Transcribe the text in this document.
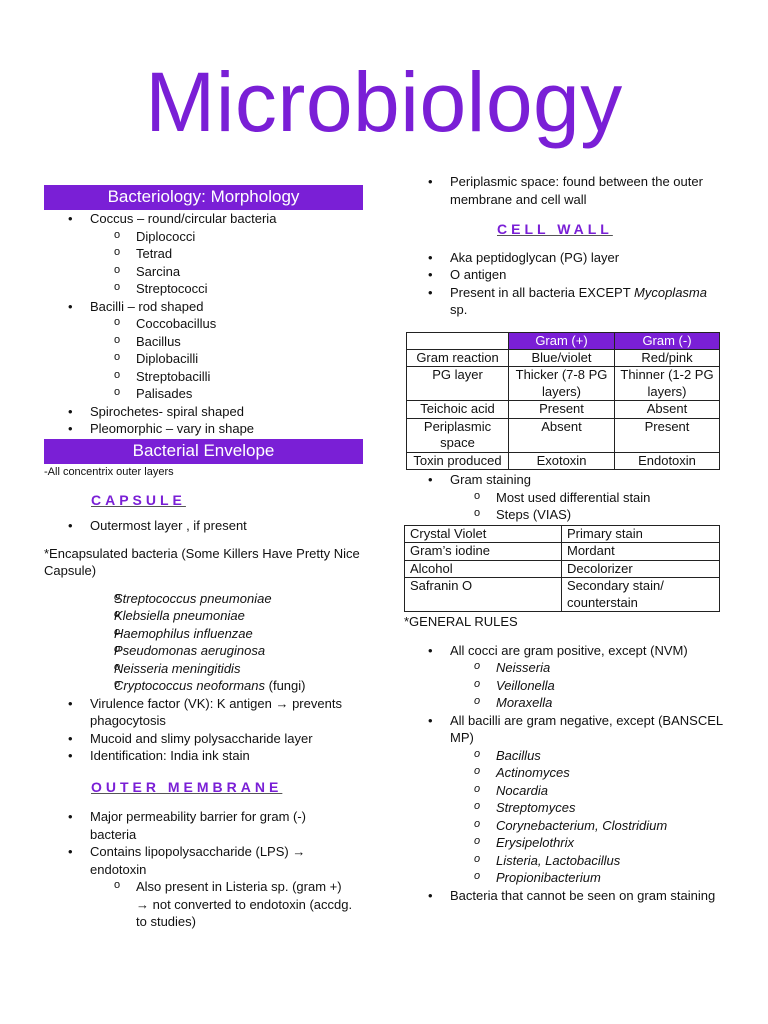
Microbiology
Bacteriology: Morphology
• Coccus – round/circular bacteria
o Diplococci
o Tetrad
o Sarcina
o Streptococci
• Bacilli – rod shaped
o Coccobacillus
o Bacillus
o Diplobacilli
o Streptobacilli
o Palisades
• Spirochetes- spiral shaped
• Pleomorphic – vary in shape
Bacterial Envelope
-All concentrix outer layers
CAPSULE
• Outermost layer , if present
*Encapsulated bacteria (Some Killers Have Pretty Nice Capsule)
o Streptococcus pneumoniae
o Klebsiella pneumoniae
o Haemophilus influenzae
o Pseudomonas aeruginosa
o Neisseria meningitidis
o Cryptococcus neoformans (fungi)
• Virulence factor (VK): K antigen → prevents phagocytosis
• Mucoid and slimy polysaccharide layer
• Identification: India ink stain
OUTER MEMBRANE
• Major permeability barrier for gram (-) bacteria
• Contains lipopolysaccharide (LPS) → endotoxin
o Also present in Listeria sp. (gram +) → not converted to endotoxin (accdg. to studies)
• Periplasmic space: found between the outer membrane and cell wall
CELL WALL
• Aka peptidoglycan (PG) layer
• O antigen
• Present in all bacteria EXCEPT Mycoplasma sp.
	Gram (+)	Gram (-)
Gram reaction	Blue/violet	Red/pink
PG layer	Thicker (7-8 PG layers)	Thinner (1-2 PG layers)
Teichoic acid	Present	Absent
Periplasmic space	Absent	Present
Toxin produced	Exotoxin	Endotoxin
• Gram staining
o Most used differential stain
o Steps (VIAS)
Crystal Violet	Primary stain
Gram’s iodine	Mordant
Alcohol	Decolorizer
Safranin O	Secondary stain/ counterstain
*GENERAL RULES
• All cocci are gram positive, except (NVM)
o Neisseria
o Veillonella
o Moraxella
• All bacilli are gram negative, except (BANSCEL MP)
o Bacillus
o Actinomyces
o Nocardia
o Streptomyces
o Corynebacterium, Clostridium
o Erysipelothrix
o Listeria, Lactobacillus
o Propionibacterium
• Bacteria that cannot be seen on gram staining
